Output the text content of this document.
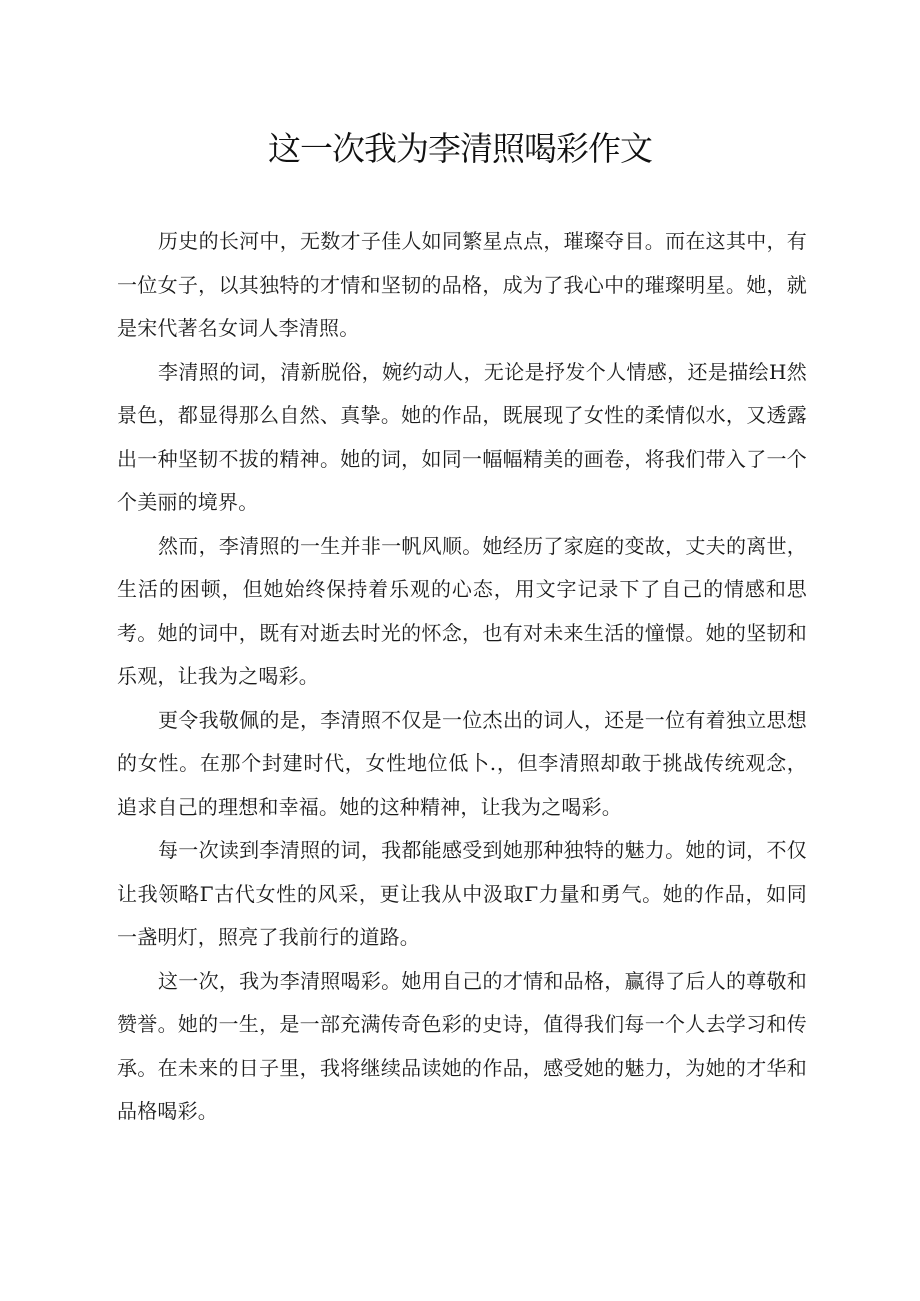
这一次我为李清照喝彩作文

历史的长河中，无数才子佳人如同繁星点点，璀璨夺目。而在这其中，有一位女子，以其独特的才情和坚韧的品格，成为了我心中的璀璨明星。她，就是宋代著名女词人李清照。

李清照的词，清新脱俗，婉约动人，无论是抒发个人情感，还是描绘H然景色，都显得那么自然、真挚。她的作品，既展现了女性的柔情似水，又透露出一种坚韧不拔的精神。她的词，如同一幅幅精美的画卷，将我们带入了一个个美丽的境界。

然而，李清照的一生并非一帆风顺。她经历了家庭的变故，丈夫的离世，生活的困顿，但她始终保持着乐观的心态，用文字记录下了自己的情感和思考。她的词中，既有对逝去时光的怀念，也有对未来生活的憧憬。她的坚韧和乐观，让我为之喝彩。

更令我敬佩的是，李清照不仅是一位杰出的词人，还是一位有着独立思想的女性。在那个封建时代，女性地位低卜.，但李清照却敢于挑战传统观念，追求自己的理想和幸福。她的这种精神，让我为之喝彩。

每一次读到李清照的词，我都能感受到她那种独特的魅力。她的词，不仅让我领略Γ古代女性的风采，更让我从中汲取Γ力量和勇气。她的作品，如同一盏明灯，照亮了我前行的道路。

这一次，我为李清照喝彩。她用自己的才情和品格，赢得了后人的尊敬和赞誉。她的一生，是一部充满传奇色彩的史诗，值得我们每一个人去学习和传承。在未来的日子里，我将继续品读她的作品，感受她的魅力，为她的才华和品格喝彩。
